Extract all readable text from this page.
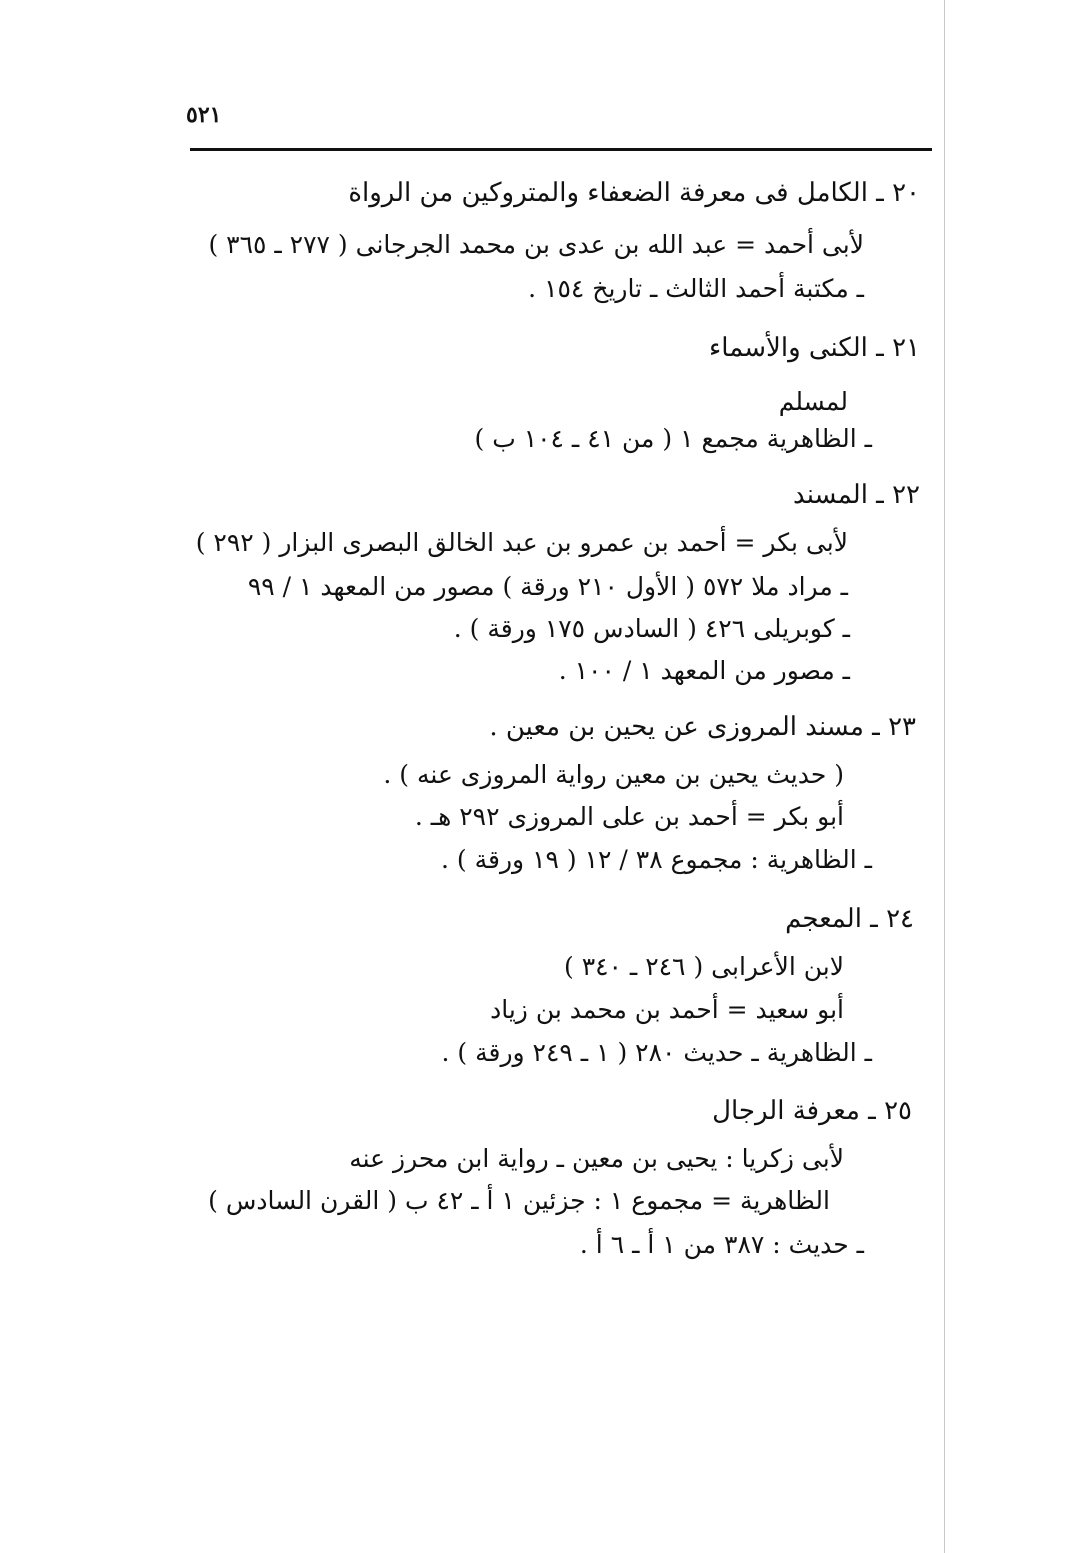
٥٢١
٢٠ ـ الكامل فى معرفة الضعفاء والمتروكين من الرواة
لأبى أحمد = عبد الله بن عدى بن محمد الجرجانى ( ٢٧٧ ـ ٣٦٥ )
ـ مكتبة أحمد الثالث ـ تاريخ ١٥٤ .
٢١ ـ الكنى والأسماء
لمسلم
ـ الظاهرية مجمع ١ ( من ٤١ ـ ١٠٤ ب )
٢٢ ـ المسند
لأبى بكر = أحمد بن عمرو بن عبد الخالق البصرى البزار ( ٢٩٢ )
ـ مراد ملا ٥٧٢ ( الأول ٢١٠ ورقة ) مصور من المعهد ١ / ٩٩
ـ كوبريلى ٤٢٦ ( السادس ١٧٥ ورقة ) .
ـ مصور من المعهد ١ / ١٠٠ .
٢٣ ـ مسند المروزى عن يحين بن معين .
( حديث يحين بن معين رواية المروزى عنه ) .
أبو بكر = أحمد بن على المروزى ٢٩٢ هـ .
ـ الظاهرية : مجموع ٣٨ / ١٢ ( ١٩ ورقة ) .
٢٤ ـ المعجم
لابن الأعرابى ( ٢٤٦ ـ ٣٤٠ )
أبو سعيد = أحمد بن محمد بن زياد
ـ الظاهرية ـ حديث ٢٨٠ ( ١ ـ ٢٤٩ ورقة ) .
٢٥ ـ معرفة الرجال
لأبى زكريا : يحيى بن معين ـ رواية ابن محرز عنه
الظاهرية = مجموع ١ : جزئين ١ أ ـ ٤٢ ب ( القرن السادس )
ـ حديث : ٣٨٧ من ١ أ ـ ٦ أ .
